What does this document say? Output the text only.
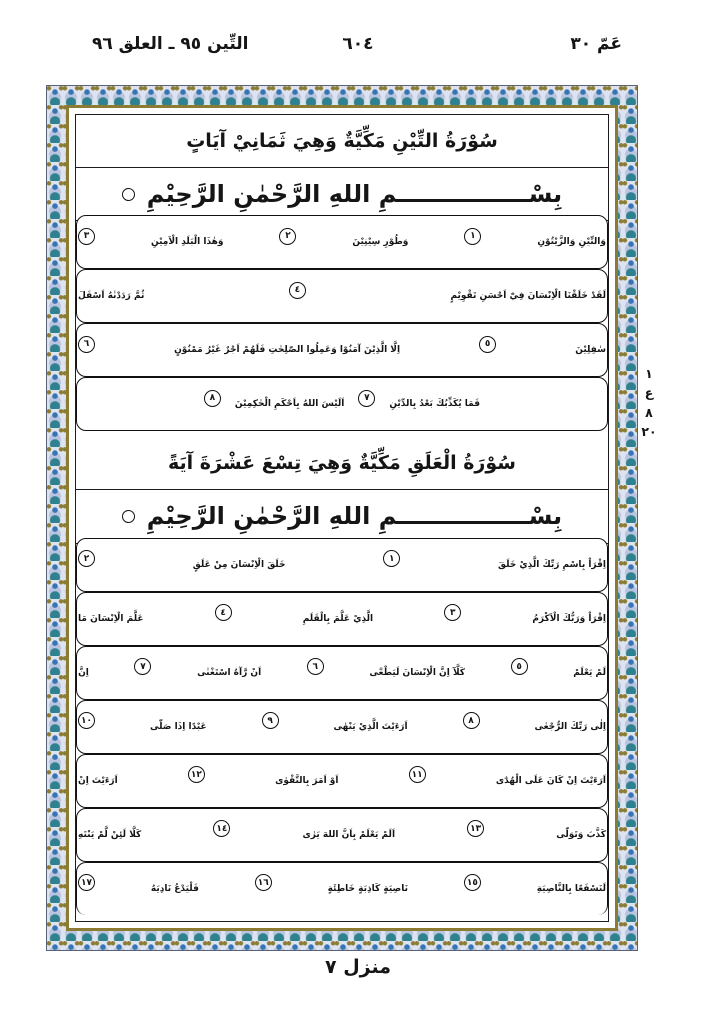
التِّين ٩٥ ـ العلق ٩٦	٦٠٤	عَمّ ٣٠
سُوْرَةُ التِّيْنِ مَكِّيَّةٌ وَهِيَ ثَمَانِيْ آيَاتٍ
بِسْــــــــــــــــمِ اللهِ الرَّحْمٰنِ الرَّحِيْمِ
وَالتِّيْنِ وَالزَّيْتُوْنِ
١
وَطُوْرِ سِيْنِيْنَ
٢
وَهٰذَا الْبَلَدِ الْاَمِيْنِ
٣
لَقَدْ خَلَقْنَا الْاِنْسَانَ فِيْٓ اَحْسَنِ تَقْوِيْمٍ
٤
ثُمَّ رَدَدْنٰهُ اَسْفَلَ
سٰفِلِيْنَ
٥
اِلَّا الَّذِيْنَ آمَنُوْا وَعَمِلُوا الصّٰلِحٰتِ فَلَهُمْ اَجْرٌ غَيْرُ مَمْنُوْنٍ
٦
فَمَا يُكَذِّبُكَ بَعْدُ بِالدِّيْنِ
٧
اَلَيْسَ اللهُ بِاَحْكَمِ الْحٰكِمِيْنَ
٨
سُوْرَةُ الْعَلَقِ مَكِّيَّةٌ وَهِيَ تِسْعَ عَشْرَةَ آيَةً
بِسْــــــــــــــــمِ اللهِ الرَّحْمٰنِ الرَّحِيْمِ
اِقْرَاْ بِاسْمِ رَبِّكَ الَّذِيْ خَلَقَ
١
خَلَقَ الْاِنْسَانَ مِنْ عَلَقٍ
٢
اِقْرَاْ وَرَبُّكَ الْاَكْرَمُ
٣
الَّذِيْ عَلَّمَ بِالْقَلَمِ
٤
عَلَّمَ الْاِنْسَانَ مَا
لَمْ يَعْلَمْ
٥
كَلَّآ اِنَّ الْاِنْسَانَ لَيَطْغٰٓى
٦
اَنْ رَّآهُ اسْتَغْنٰى
٧
اِنَّ
اِلٰى رَبِّكَ الرُّجْعٰى
٨
اَرَءَيْتَ الَّذِيْ يَنْهٰى
٩
عَبْدًا اِذَا صَلّٰى
١٠
اَرَءَيْتَ اِنْ كَانَ عَلَى الْهُدٰٓى
١١
اَوْ اَمَرَ بِالتَّقْوٰى
١٢
اَرَءَيْتَ اِنْ
كَذَّبَ وَتَوَلّٰى
١٣
اَلَمْ يَعْلَمْ بِاَنَّ اللهَ يَرٰى
١٤
كَلَّا لَئِنْ لَّمْ يَنْتَهِ
لَنَسْفَعًا بِالنَّاصِيَةِ
١٥
نَاصِيَةٍ كَاذِبَةٍ خَاطِئَةٍ
١٦
فَلْيَدْعُ نَادِيَهُ
١٧
١
ع
٨
٢٠
منزل ۷
